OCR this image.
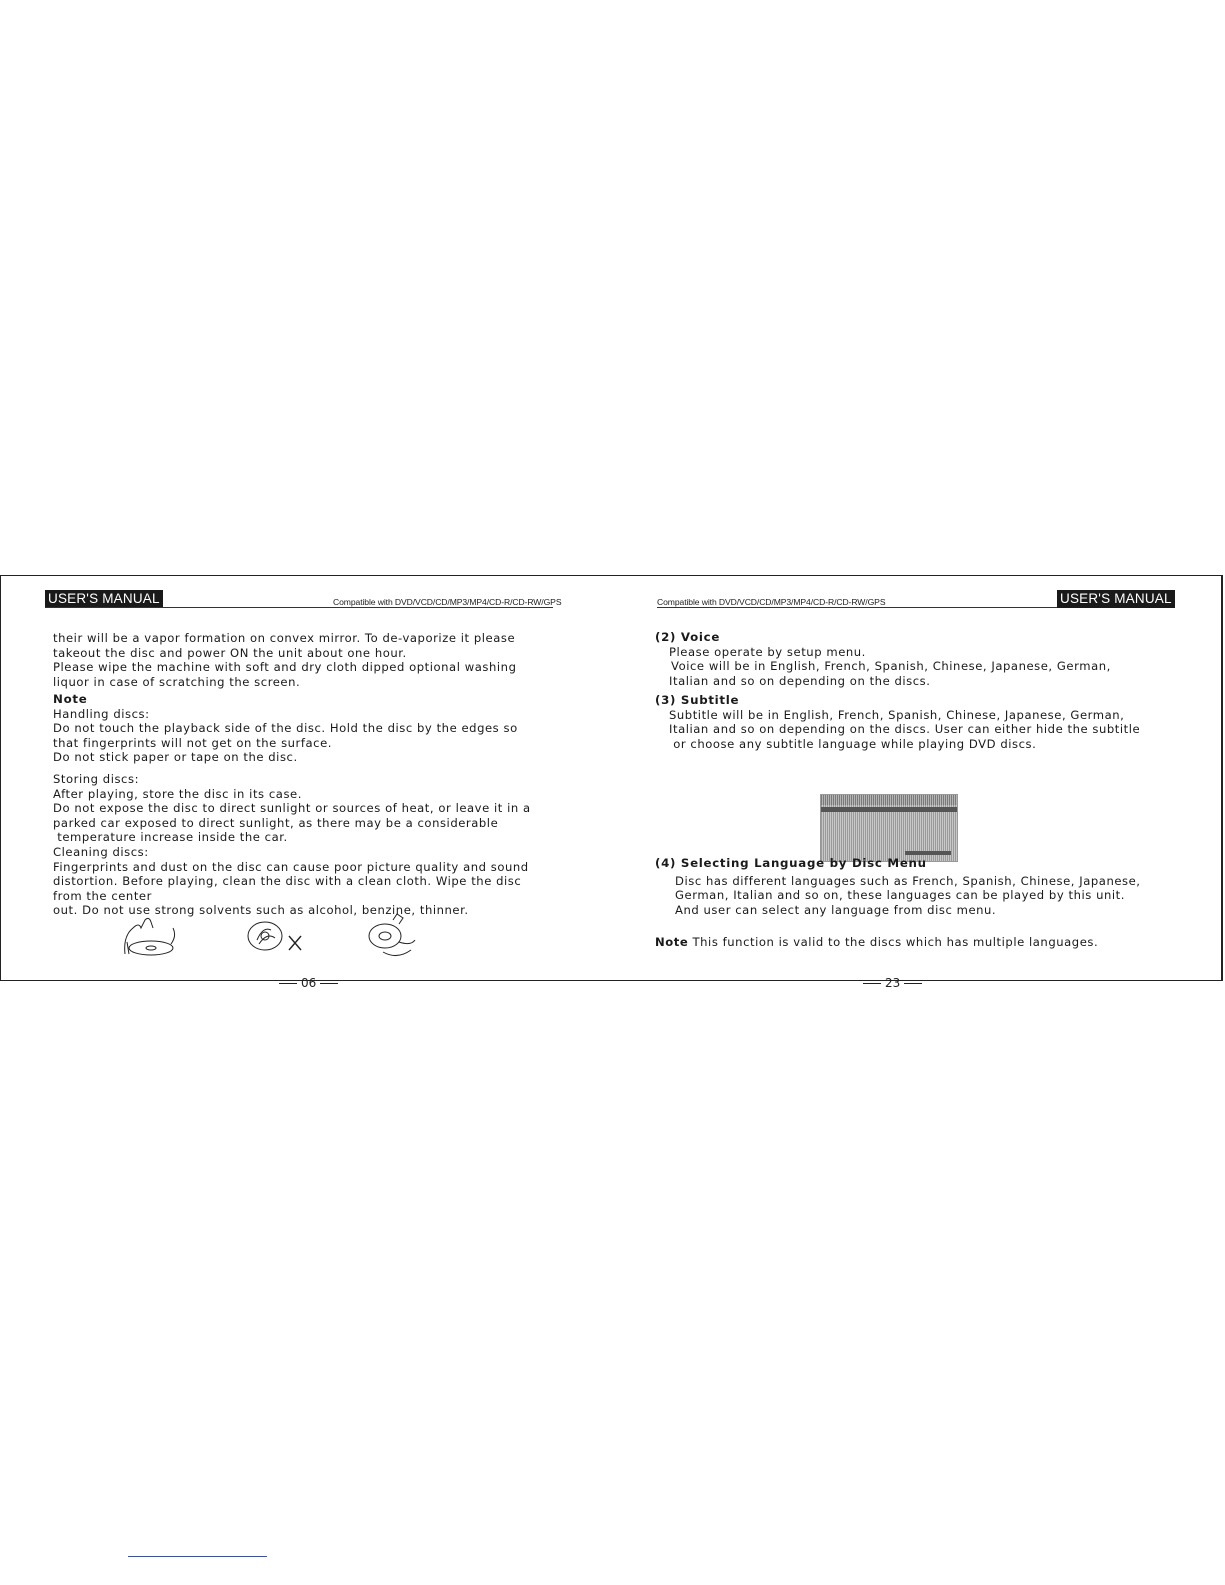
USER'S MANUAL	Compatible with DVD/VCD/CD/MP3/MP4/CD-R/CD-RW/GPS
their will be a vapor formation on convex mirror. To de-vaporize it please
takeout the disc and power ON the unit about one hour.
Please wipe the machine with soft and dry cloth dipped optional washing
liquor in case of scratching the screen.
Note
Handling discs:
Do not touch the playback side of the disc. Hold the disc by the edges so
that fingerprints will not get on the surface.
Do not stick paper or tape on the disc.
Storing discs:
After playing, store the disc in its case.
Do not expose the disc to direct sunlight or sources of heat, or leave it in a
parked car exposed to direct sunlight, as there may be a considerable
temperature increase inside the car.
Cleaning discs:
Fingerprints and dust on the disc can cause poor picture quality and sound
distortion. Before playing, clean the disc with a clean cloth. Wipe the disc
from the center
out. Do not use strong solvents such as alcohol, benzine, thinner.
06
Compatible with DVD/VCD/CD/MP3/MP4/CD-R/CD-RW/GPS	USER'S MANUAL
(2) Voice
Please operate by setup menu.
Voice will be in English, French, Spanish, Chinese, Japanese, German,
Italian and so on depending on the discs.
(3) Subtitle
Subtitle will be in English, French, Spanish, Chinese, Japanese, German,
Italian and so on depending on the discs. User can either hide the subtitle
or choose any subtitle language while playing DVD discs.
(4) Selecting Language by Disc Menu
Disc has different languages such as French, Spanish, Chinese, Japanese,
German, Italian and so on, these languages can be played by this unit.
And user can select any language from disc menu.
Note This function is valid to the discs which has multiple languages.
23
